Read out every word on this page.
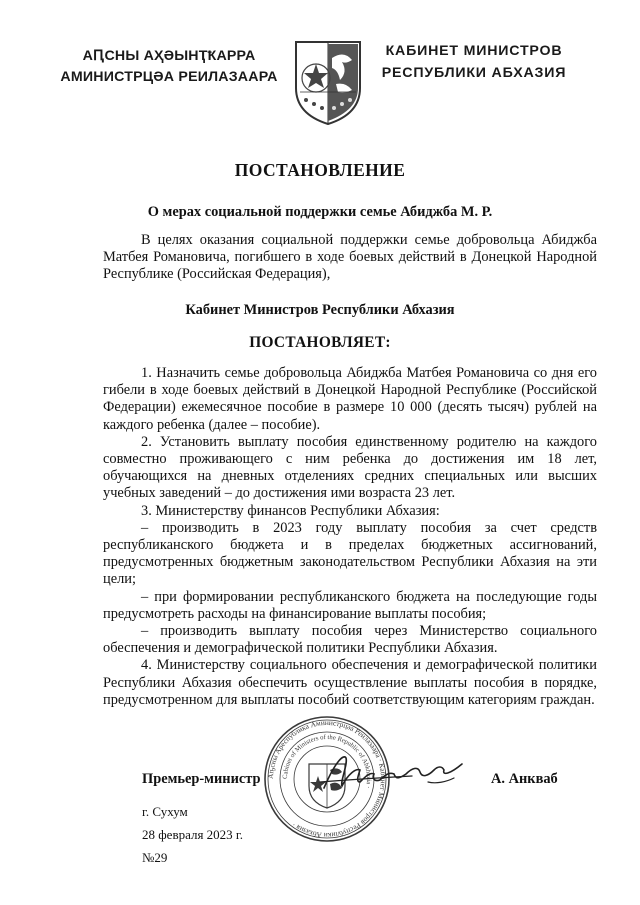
АԤСНЫ АҲӘЫНҬҞАРРА
АМИНИСТРЦӘА РЕИЛАЗААРА
КАБИНЕТ МИНИСТРОВ
РЕСПУБЛИКИ АБХАЗИЯ
ПОСТАНОВЛЕНИЕ
О мерах социальной поддержки семье Абиджба М. Р.

В целях оказания социальной поддержки семье добровольца Абиджба Матбея Романовича, погибшего в ходе боевых действий в Донецкой Народной Республике (Российская Федерация),

Кабинет Министров Республики Абхазия
ПОСТАНОВЛЯЕТ:

1. Назначить семье добровольца Абиджба Матбея Романовича со дня его гибели в ходе боевых действий в Донецкой Народной Республике (Российской Федерации) ежемесячное пособие в размере 10 000 (десять тысяч) рублей на каждого ребенка (далее – пособие).

2. Установить выплату пособия единственному родителю на каждого совместно проживающего с ним ребенка до достижения им 18 лет, обучающихся на дневных отделениях средних специальных или высших учебных заведений – до достижения ими возраста 23 лет.

3. Министерству финансов Республики Абхазия:

– производить в 2023 году выплату пособия за счет средств республиканского бюджета и в пределах бюджетных ассигнований, предусмотренных бюджетным законодательством Республики Абхазия на эти цели;

– при формировании республиканского бюджета на последующие годы предусмотреть расходы на финансирование выплаты пособия;

– производить выплату пособия через Министерство социального обеспечения и демографической политики Республики Абхазия.

4. Министерству социального обеспечения и демографической политики Республики Абхазия обеспечить осуществление выплаты пособия в порядке, предусмотренном для выплаты пособий соответствующим категориям граждан.

Аҧсны Ареспублика Аминистрцәа Реилазаара · Кабинет Министров Республики Абхазия ·
Cabinet of Ministers of the Republic of Abkhazia ·
Премьер-министр	А. Анкваб
г. Сухум
28 февраля 2023 г.
№29
